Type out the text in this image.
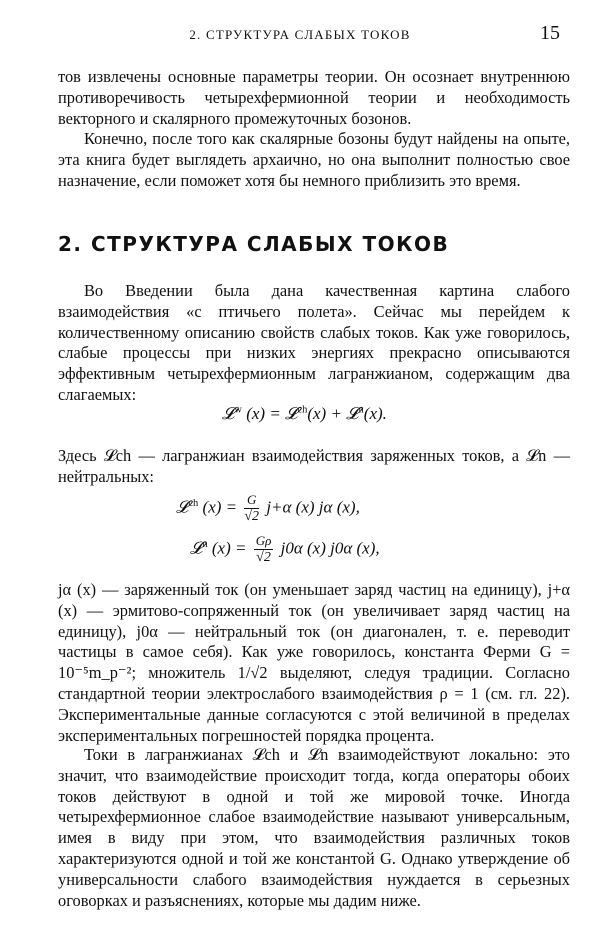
2. СТРУКТУРА СЛАБЫХ ТОКОВ	15

тов извлечены основные параметры теории. Он осознает внутреннюю противоречивость четырехфермионной теории и необходимость векторного и скалярного промежуточных бозонов.

Конечно, после того как скалярные бозоны будут найдены на опыте, эта книга будет выглядеть архаично, но она выполнит полностью свое назначение, если поможет хотя бы немного приблизить это время.

2. СТРУКТУРА СЛАБЫХ ТОКОВ

Во Введении была дана качественная картина слабого взаимодействия «с птичьего полета». Сейчас мы перейдем к количественному описанию свойств слабых токов. Как уже говорилось, слабые процессы при низких энергиях прекрасно описываются эффективным четырехфермионным лагранжианом, содержащим два слагаемых:

𝓛$^w$ (x) = 𝓛$^{ch}$(x) + 𝓛$^n$(x).

Здесь 𝓛ch — лагранжиан взаимодействия заряженных токов, а 𝓛n — нейтральных:

𝓛$^{ch}$ $(x) = \frac{G}{√2} j+\alpha$ (x) jα (x),
𝓛$^n$ $(x) = \frac{G\rho}{√2} j0\alpha$ (x) j0α (x),

jα (x) — заряженный ток (он уменьшает заряд частиц на единицу), j+α (x) — эрмитово-сопряженный ток (он увеличивает заряд частиц на единицу), j0α — нейтральный ток (он диагонален, т. е. переводит частицы в самое себя). Как уже говорилось, константа Ферми G = 10⁻⁵m_p⁻²; множитель 1/√2 выделяют, следуя традиции. Согласно стандартной теории электрослабого взаимодействия ρ = 1 (см. гл. 22). Экспериментальные данные согласуются с этой величиной в пределах экспериментальных погрешностей порядка процента.

Токи в лагранжианах 𝓛ch и 𝓛n взаимодействуют локально: это значит, что взаимодействие происходит тогда, когда операторы обоих токов действуют в одной и той же мировой точке. Иногда четырехфермионное слабое взаимодействие называют универсальным, имея в виду при этом, что взаимодействия различных токов характеризуются одной и той же константой G. Однако утверждение об универсальности слабого взаимодействия нуждается в серьезных оговорках и разъяснениях, которые мы дадим ниже.
